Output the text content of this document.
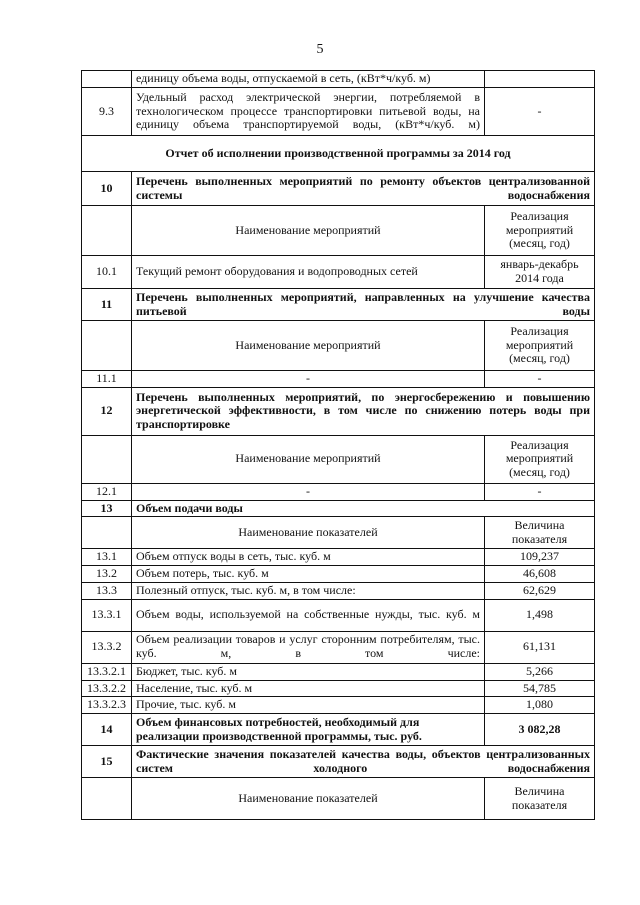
5
	единицу объема воды, отпускаемой в сеть, (кВт*ч/куб. м)	
9.3	Удельный расход электрической энергии, потребляемой в технологическом процессе транспортировки питьевой воды, на единицу объема транспортируемой воды, (кВт*ч/куб. м)	-
Отчет об исполнении производственной программы за 2014 год		
10	Перечень выполненных мероприятий по ремонту объектов централизованной системы водоснабжения	
	Наименование мероприятий	Реализация мероприятий (месяц, год)
10.1	Текущий ремонт оборудования и водопроводных сетей	январь-декабрь 2014 года
11	Перечень выполненных мероприятий, направленных на улучшение качества питьевой воды	
	Наименование мероприятий	Реализация мероприятий (месяц, год)
11.1	-	-
12	Перечень выполненных мероприятий, по энергосбережению и повышению энергетической эффективности, в том числе по снижению потерь воды при транспортировке	
	Наименование мероприятий	Реализация мероприятий (месяц, год)
12.1	-	-
13	Объем подачи воды	
	Наименование показателей	Величина показателя
13.1	Объем отпуск воды в сеть, тыс. куб. м	109,237
13.2	Объем потерь, тыс. куб. м	46,608
13.3	Полезный отпуск, тыс. куб. м, в том числе:	62,629
13.3.1	Объем воды, используемой на собственные нужды, тыс. куб. м	1,498
13.3.2	Объем реализации товаров и услуг сторонним потребителям, тыс. куб. м, в том числе:	61,131
13.3.2.1	Бюджет, тыс. куб. м	5,266
13.3.2.2	Население, тыс. куб. м	54,785
13.3.2.3	Прочие, тыс. куб. м	1,080
14	Объем финансовых потребностей, необходимый для реализации производственной программы, тыс. руб.	3 082,28
15	Фактические значения показателей качества воды, объектов централизованных систем холодного водоснабжения	
	Наименование показателей	Величина показателя
